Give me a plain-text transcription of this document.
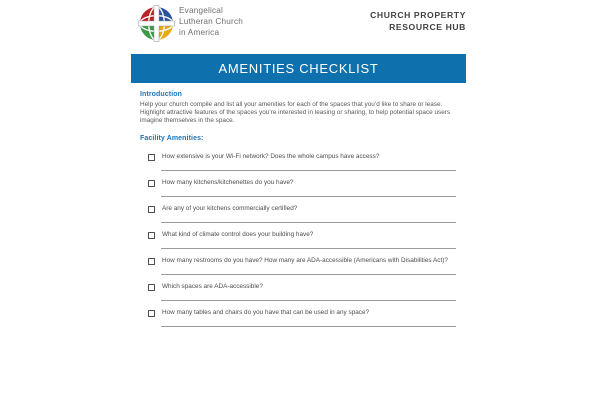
Evangelical
Lutheran Church
in America
CHURCH PROPERTY
RESOURCE HUB
AMENITIES CHECKLIST
Introduction
Help your church compile and list all your amenities for each of the spaces that you’d like to share or lease.
Highlight attractive features of the spaces you’re interested in leasing or sharing, to help potential space users
imagine themselves in the space.
Facility Amenities:
How extensive is your Wi-Fi network? Does the whole campus have access?
How many kitchens/kitchenettes do you have?
Are any of your kitchens commercially certified?
What kind of climate control does your building have?
How many restrooms do you have? How many are ADA-accessible (Americans with Disabilities Act)?
Which spaces are ADA-accessible?
How many tables and chairs do you have that can be used in any space?
